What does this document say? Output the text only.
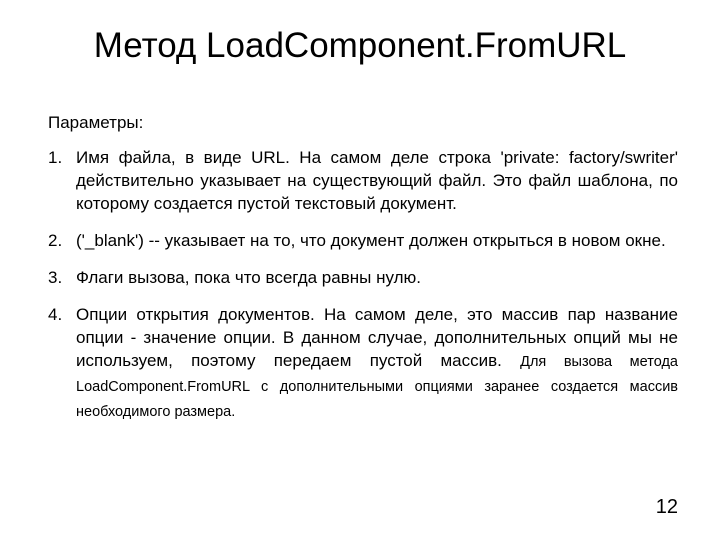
Метод LoadComponent.FromURL

Параметры:

1. Имя файла, в виде URL. На самом деле строка 'private: factory/swriter' действительно указывает на существующий файл. Это файл шаблона, по которому создается пустой текстовый документ.
2. ('_blank') -- указывает на то, что документ должен открыться в новом окне.
3. Флаги вызова, пока что всегда равны нулю.
4. Опции открытия документов. На самом деле, это массив пар название опции - значение опции. В данном случае, дополнительных опций мы не используем, поэтому передаем пустой массив. Для вызова метода LoadComponent.FromURL с дополнительными опциями заранее создается массив необходимого размера.
12
